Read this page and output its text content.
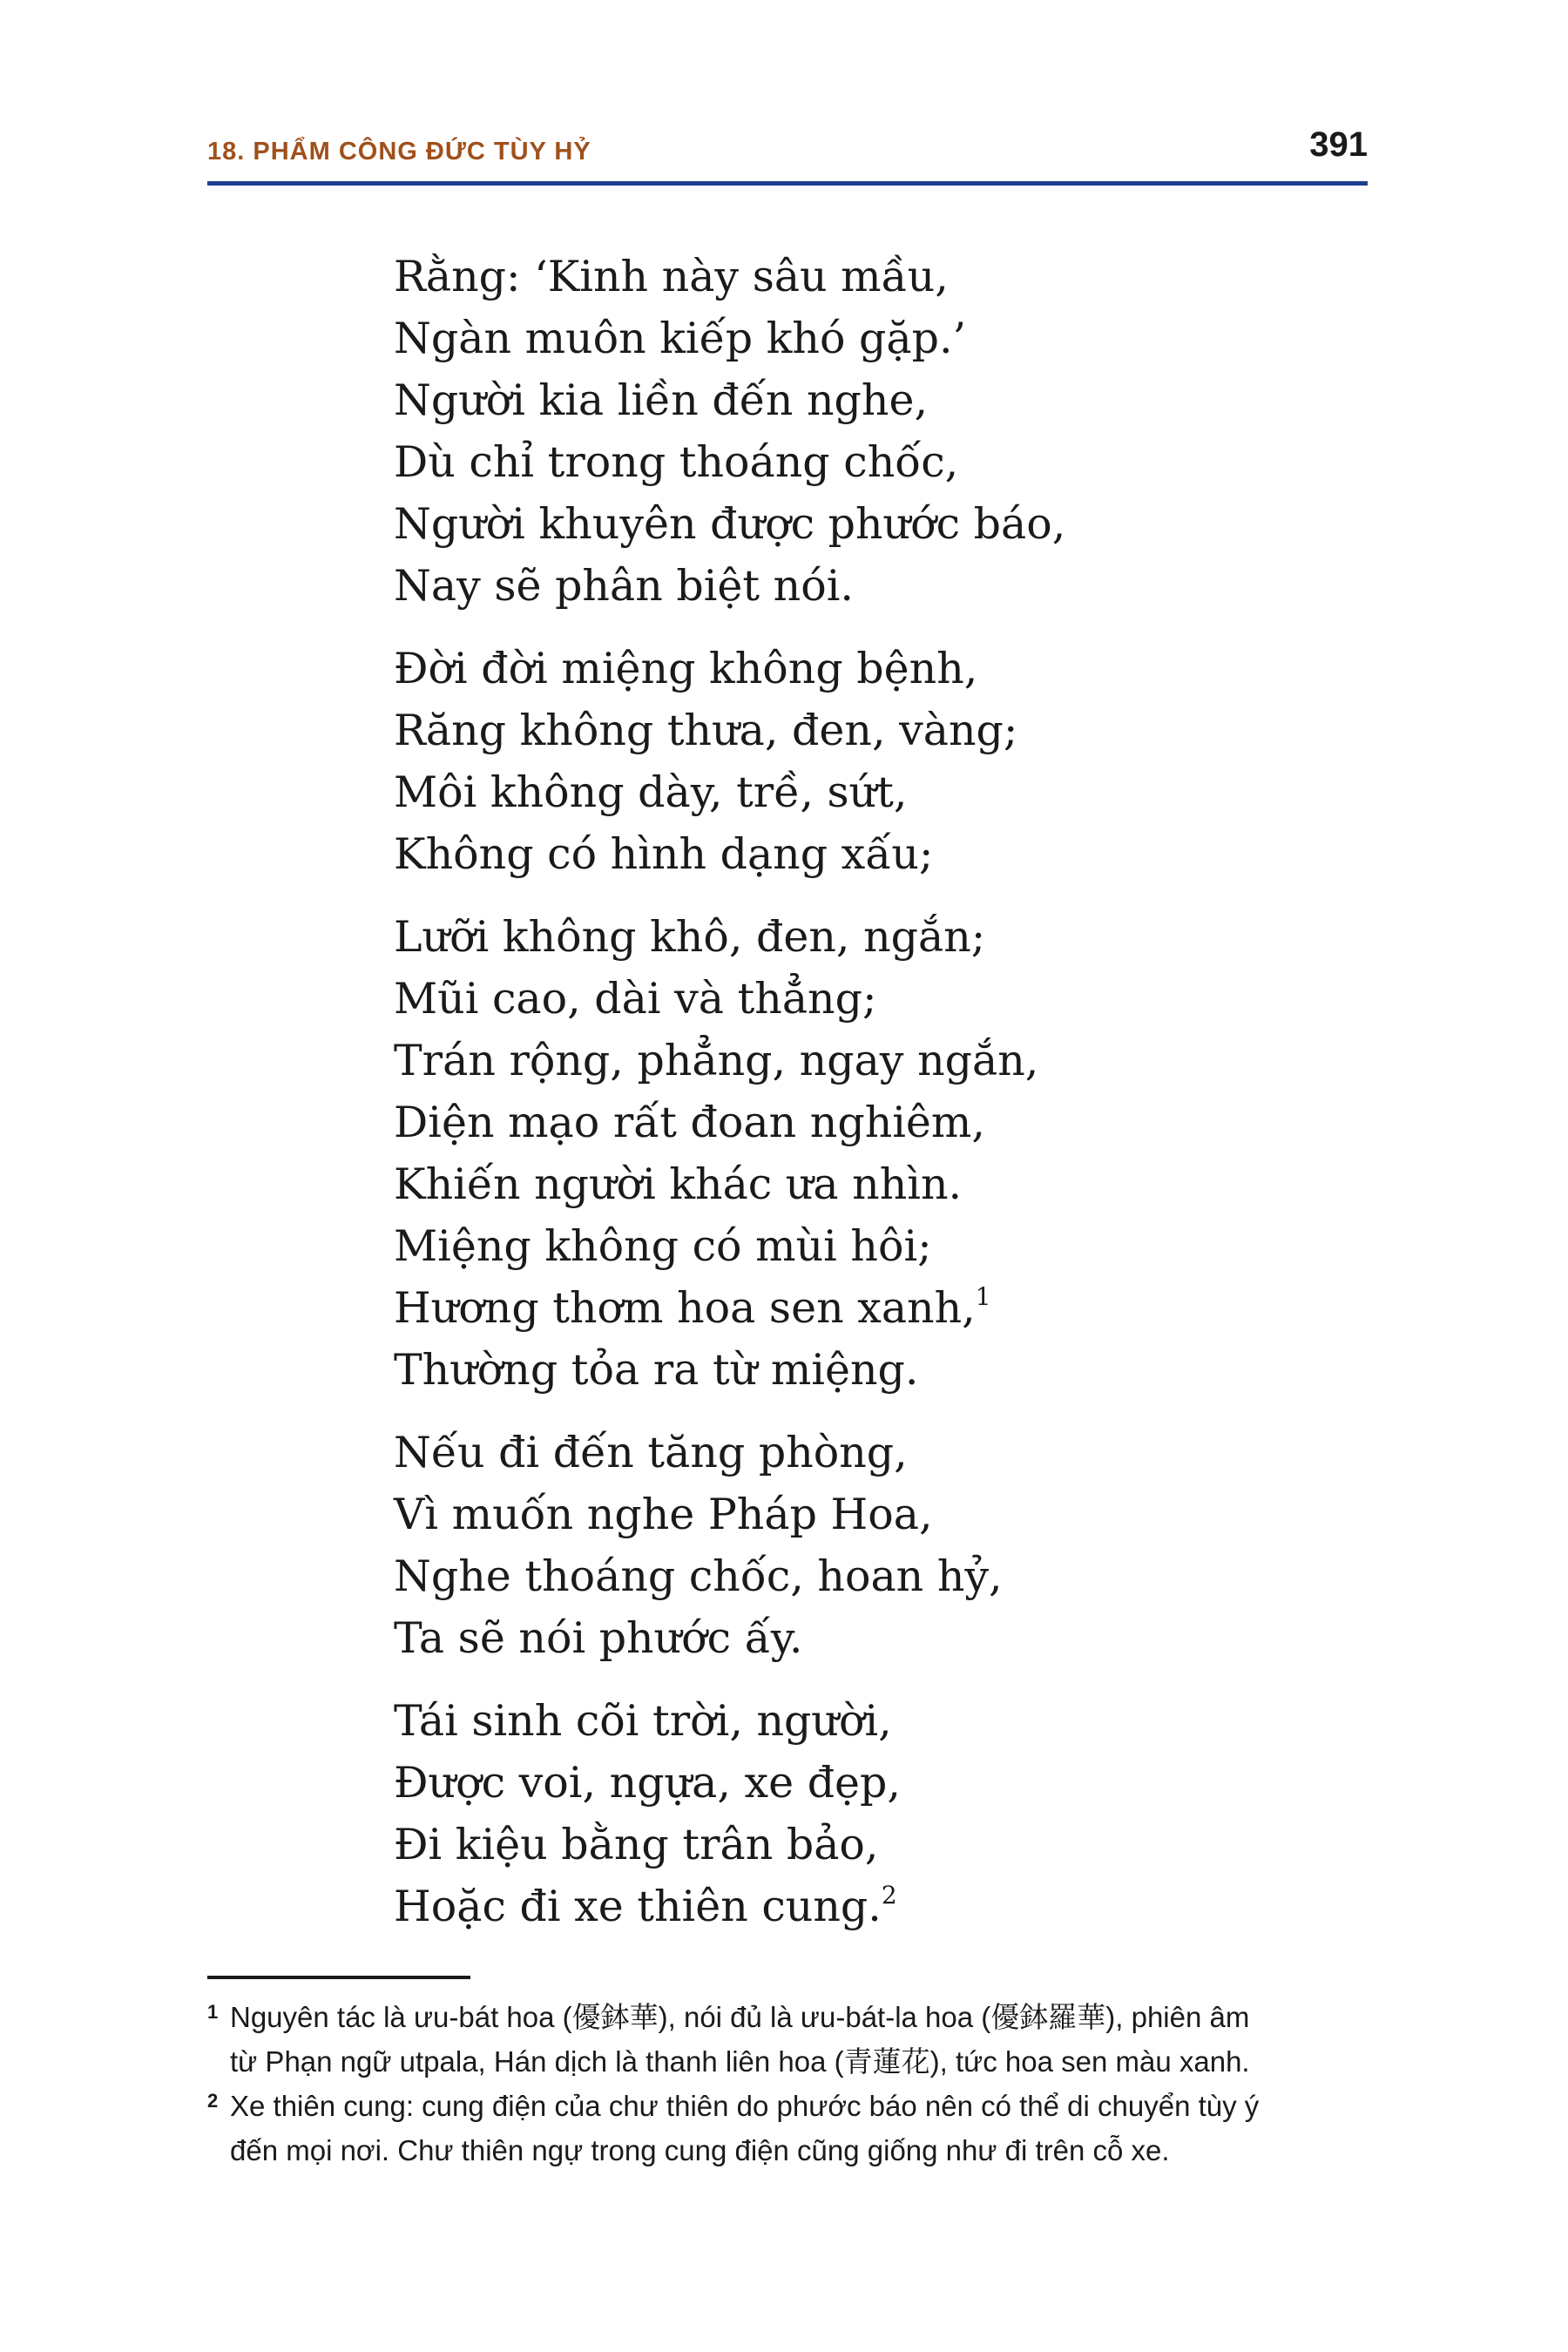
18. PHẨM CÔNG ĐỨC TÙY HỶ	391
Rằng: ‘Kinh này sâu mầu,
Ngàn muôn kiếp khó gặp.’
Người kia liền đến nghe,
Dù chỉ trong thoáng chốc,
Người khuyên được phước báo,
Nay sẽ phân biệt nói.
Đời đời miệng không bệnh,
Răng không thưa, đen, vàng;
Môi không dày, trề, sứt,
Không có hình dạng xấu;
Lưỡi không khô, đen, ngắn;
Mũi cao, dài và thẳng;
Trán rộng, phẳng, ngay ngắn,
Diện mạo rất đoan nghiêm,
Khiến người khác ưa nhìn.
Miệng không có mùi hôi;
Hương thơm hoa sen xanh,$^1$
Thường tỏa ra từ miệng.
Nếu đi đến tăng phòng,
Vì muốn nghe Pháp Hoa,
Nghe thoáng chốc, hoan hỷ,
Ta sẽ nói phước ấy.
Tái sinh cõi trời, người,
Được voi, ngựa, xe đẹp,
Đi kiệu bằng trân bảo,
Hoặc đi xe thiên cung.$^2$
1 Nguyên tác là ưu-bát hoa (優鉢華), nói đủ là ưu-bát-la hoa (優鉢羅華), phiên âm
từ Phạn ngữ utpala, Hán dịch là thanh liên hoa (青蓮花), tức hoa sen màu xanh.
2 Xe thiên cung: cung điện của chư thiên do phước báo nên có thể di chuyển tùy ý
đến mọi nơi. Chư thiên ngự trong cung điện cũng giống như đi trên cỗ xe.
